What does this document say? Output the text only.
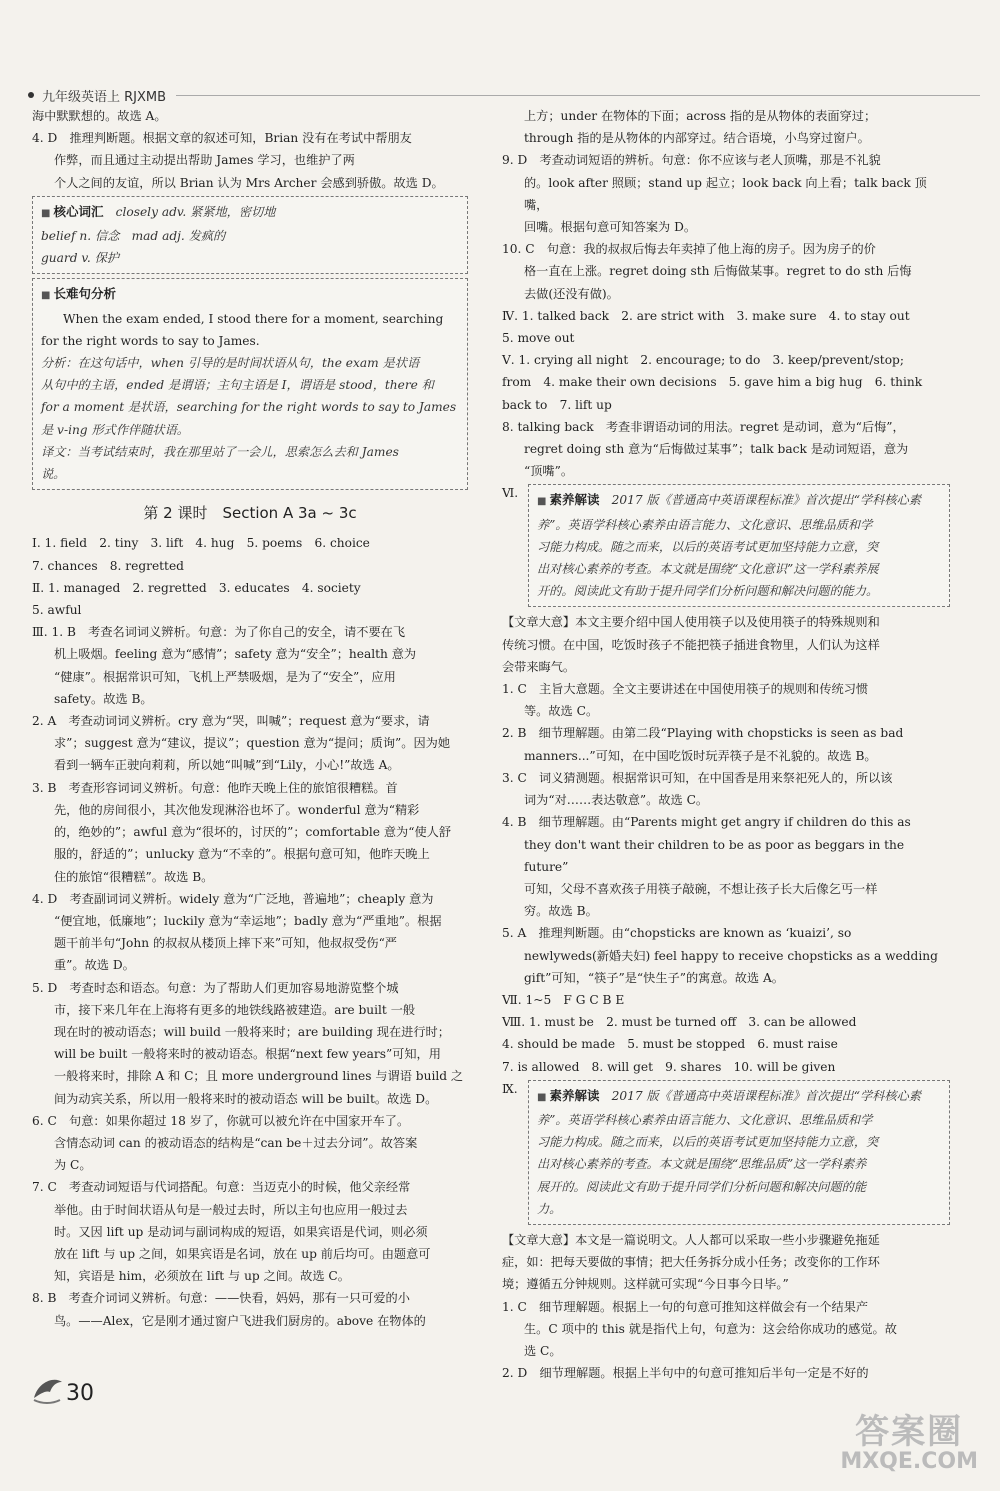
九年级英语上 RJXMB

海中默默想的。故选 A。

4. D　推理判断题。根据文章的叙述可知，Brian 没有在考试中帮朋友

作弊，而且通过主动提出帮助 James 学习，也维护了两

个人之间的友谊，所以 Brian 认为 Mrs Archer 会感到骄傲。故选 D。

■ 核心词汇　 closely adv. 紧紧地，密切地

belief n. 信念　mad adj. 发疯的

guard v. 保护

■ 长难句分析

When the exam ended, I stood there for a moment, searching

for the right words to say to James.

分析：在这句话中，when 引导的是时间状语从句，the exam 是状语

从句中的主语，ended 是谓语；主句主语是 I，谓语是 stood，there 和

for a moment 是状语，searching for the right words to say to James

是 v-ing 形式作伴随状语。

译文：当考试结束时，我在那里站了一会儿，思索怎么去和 James

说。

第 2 课时　Section A 3a ~ 3c

Ⅰ. 1. field　2. tiny　3. lift　4. hug　5. poems　6. choice

7. chances　8. regretted

Ⅱ. 1. managed　2. regretted　3. educates　4. society

5. awful

Ⅲ. 1. B　考查名词词义辨析。句意：为了你自己的安全，请不要在飞

机上吸烟。feeling 意为“感情”；safety 意为“安全”；health 意为

“健康”。根据常识可知，飞机上严禁吸烟，是为了“安全”，应用

safety。故选 B。

2. A　考查动词词义辨析。cry 意为“哭，叫喊”；request 意为“要求，请

求”；suggest 意为“建议，提议”；question 意为“提问；质询”。因为她

看到一辆车正驶向莉莉，所以她“叫喊”到“Lily，小心!”故选 A。

3. B　考查形容词词义辨析。句意：他昨天晚上住的旅馆很糟糕。首

先，他的房间很小，其次他发现淋浴也坏了。wonderful 意为“精彩

的，绝妙的”；awful 意为“很坏的，讨厌的”；comfortable 意为“使人舒

服的，舒适的”；unlucky 意为“不幸的”。根据句意可知，他昨天晚上

住的旅馆“很糟糕”。故选 B。

4. D　考查副词词义辨析。widely 意为“广泛地，普遍地”；cheaply 意为

“便宜地，低廉地”；luckily 意为“幸运地”；badly 意为“严重地”。根据

题干前半句“John 的叔叔从楼顶上摔下来”可知，他叔叔受伤“严

重”。故选 D。

5. D　考查时态和语态。句意：为了帮助人们更加容易地游览整个城

市，接下来几年在上海将有更多的地铁线路被建造。are built 一般

现在时的被动语态；will build 一般将来时；are building 现在进行时；

will be built 一般将来时的被动语态。根据“next few years”可知，用

一般将来时，排除 A 和 C；且 more underground lines 与谓语 build 之

间为动宾关系，所以用一般将来时的被动语态 will be built。故选 D。

6. C　句意：如果你超过 18 岁了，你就可以被允许在中国家开车了。

含情态动词 can 的被动语态的结构是“can be＋过去分词”。故答案

为 C。

7. C　考查动词短语与代词搭配。句意：当迈克小的时候，他父亲经常

举他。由于时间状语从句是一般过去时，所以主句也应用一般过去

时。又因 lift up 是动词与副词构成的短语，如果宾语是代词，则必须

放在 lift 与 up 之间，如果宾语是名词，放在 up 前后均可。由题意可

知，宾语是 him，必须放在 lift 与 up 之间。故选 C。

8. B　考查介词词义辨析。句意：——快看，妈妈，那有一只可爱的小

鸟。——Alex，它是刚才通过窗户飞进我们厨房的。above 在物体的

上方；under 在物体的下面；across 指的是从物体的表面穿过；

through 指的是从物体的内部穿过。结合语境，小鸟穿过窗户。

9. D　考查动词短语的辨析。句意：你不应该与老人顶嘴，那是不礼貌

的。look after 照顾；stand up 起立；look back 向上看；talk back 顶嘴，

回嘴。根据句意可知答案为 D。

10. C　句意：我的叔叔后悔去年卖掉了他上海的房子。因为房子的价

格一直在上涨。regret doing sth 后悔做某事。regret to do sth 后悔

去做(还没有做)。

Ⅳ. 1. talked back　2. are strict with　3. make sure　4. to stay out

5. move out

Ⅴ. 1. crying all night　2. encourage; to do　3. keep/prevent/stop;

from　4. make their own decisions　5. gave him a big hug　6. think

back to　7. lift up

8. talking back　考查非谓语动词的用法。regret 是动词，意为“后悔”，

regret doing sth 意为“后悔做过某事”；talk back 是动词短语，意为

“顶嘴”。

Ⅵ.	■ 素养解读　 2017 版《普通高中英语课程标准》首次提出“学科核心素

养”。英语学科核心素养由语言能力、文化意识、思维品质和学

习能力构成。随之而来，以后的英语考试更加坚持能力立意，突

出对核心素养的考查。本文就是围绕“文化意识”这一学科素养展

开的。阅读此文有助于提升同学们分析问题和解决问题的能力。

【文章大意】本文主要介绍中国人使用筷子以及使用筷子的特殊规则和

传统习惯。在中国，吃饭时孩子不能把筷子插进食物里，人们认为这样

会带来晦气。

1. C　主旨大意题。全文主要讲述在中国使用筷子的规则和传统习惯

等。故选 C。

2. B　细节理解题。由第二段“Playing with chopsticks is seen as bad

manners...”可知，在中国吃饭时玩弄筷子是不礼貌的。故选 B。

3. C　词义猜测题。根据常识可知，在中国香是用来祭祀死人的，所以该

词为“对……表达敬意”。故选 C。

4. B　细节理解题。由“Parents might get angry if children do this as

they don't want their children to be as poor as beggars in the future”

可知，父母不喜欢孩子用筷子敲碗，不想让孩子长大后像乞丐一样

穷。故选 B。

5. A　推理判断题。由“chopsticks are known as ‘kuaizi’, so

newlyweds(新婚夫妇) feel happy to receive chopsticks as a wedding

gift”可知，“筷子”是“快生子”的寓意。故选 A。

Ⅶ. 1~5　F G C B E

Ⅷ. 1. must be　2. must be turned off　3. can be allowed

4. should be made　5. must be stopped　6. must raise

7. is allowed　8. will get　9. shares　10. will be given

Ⅸ.	■ 素养解读　 2017 版《普通高中英语课程标准》首次提出“学科核心素

养”。英语学科核心素养由语言能力、文化意识、思维品质和学

习能力构成。随之而来，以后的英语考试更加坚持能力立意，突

出对核心素养的考查。本文就是围绕“思维品质”这一学科素养

展开的。阅读此文有助于提升同学们分析问题和解决问题的能

力。

【文章大意】本文是一篇说明文。人人都可以采取一些小步骤避免拖延

症，如：把每天要做的事情；把大任务拆分成小任务；改变你的工作环

境；遵循五分钟规则。这样就可实现“今日事今日毕。”

1. C　细节理解题。根据上一句的句意可推知这样做会有一个结果产

生。C 项中的 this 就是指代上句，句意为：这会给你成功的感觉。故

选 C。

2. D　细节理解题。根据上半句中的句意可推知后半句一定是不好的

30
答案圈
MXQE.COM
